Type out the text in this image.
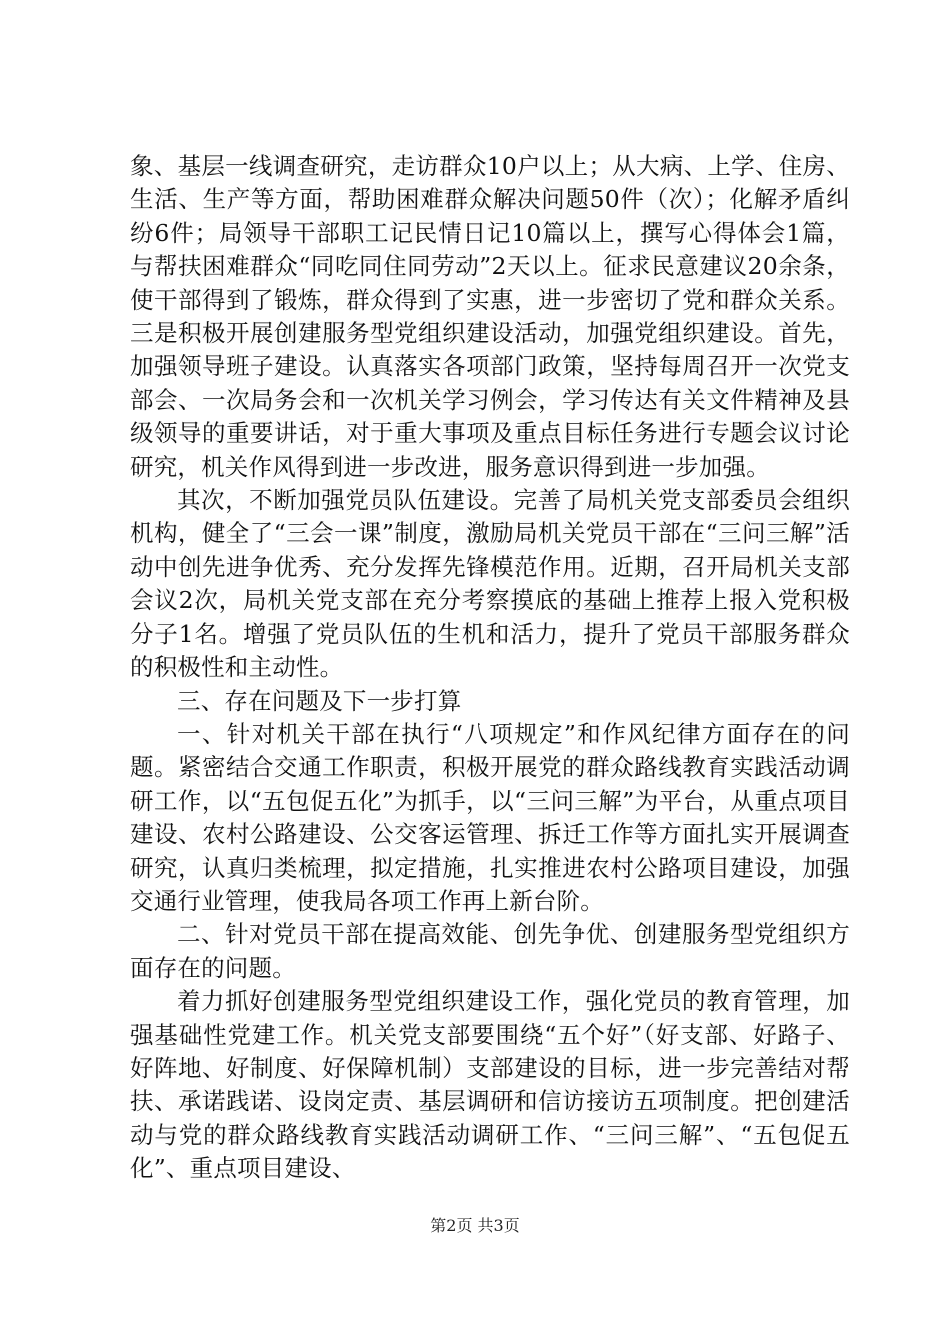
象、基层一线调查研究，走访群众10户以上；从大病、上学、住房、生活、生产等方面，帮助困难群众解决问题50件（次）；化解矛盾纠纷6件；局领导干部职工记民情日记10篇以上，撰写心得体会1篇，与帮扶困难群众“同吃同住同劳动”2天以上。征求民意建议20余条，使干部得到了锻炼，群众得到了实惠，进一步密切了党和群众关系。三是积极开展创建服务型党组织建设活动，加强党组织建设。首先，加强领导班子建设。认真落实各项部门政策，坚持每周召开一次党支部会、一次局务会和一次机关学习例会，学习传达有关文件精神及县级领导的重要讲话，对于重大事项及重点目标任务进行专题会议讨论研究，机关作风得到进一步改进，服务意识得到进一步加强。

其次，不断加强党员队伍建设。完善了局机关党支部委员会组织机构，健全了“三会一课”制度，激励局机关党员干部在“三问三解”活动中创先进争优秀、充分发挥先锋模范作用。近期，召开局机关支部会议2次，局机关党支部在充分考察摸底的基础上推荐上报入党积极分子1名。增强了党员队伍的生机和活力，提升了党员干部服务群众的积极性和主动性。

三、存在问题及下一步打算

一、针对机关干部在执行“八项规定”和作风纪律方面存在的问题。紧密结合交通工作职责，积极开展党的群众路线教育实践活动调研工作，以“五包促五化”为抓手，以“三问三解”为平台，从重点项目建设、农村公路建设、公交客运管理、拆迁工作等方面扎实开展调查研究，认真归类梳理，拟定措施，扎实推进农村公路项目建设，加强交通行业管理，使我局各项工作再上新台阶。

二、针对党员干部在提高效能、创先争优、创建服务型党组织方面存在的问题。

着力抓好创建服务型党组织建设工作，强化党员的教育管理，加强基础性党建工作。机关党支部要围绕“五个好”（好支部、好路子、好阵地、好制度、好保障机制）支部建设的目标，进一步完善结对帮扶、承诺践诺、设岗定责、基层调研和信访接访五项制度。把创建活动与党的群众路线教育实践活动调研工作、“三问三解”、“五包促五化”、重点项目建设、

第2页 共3页
